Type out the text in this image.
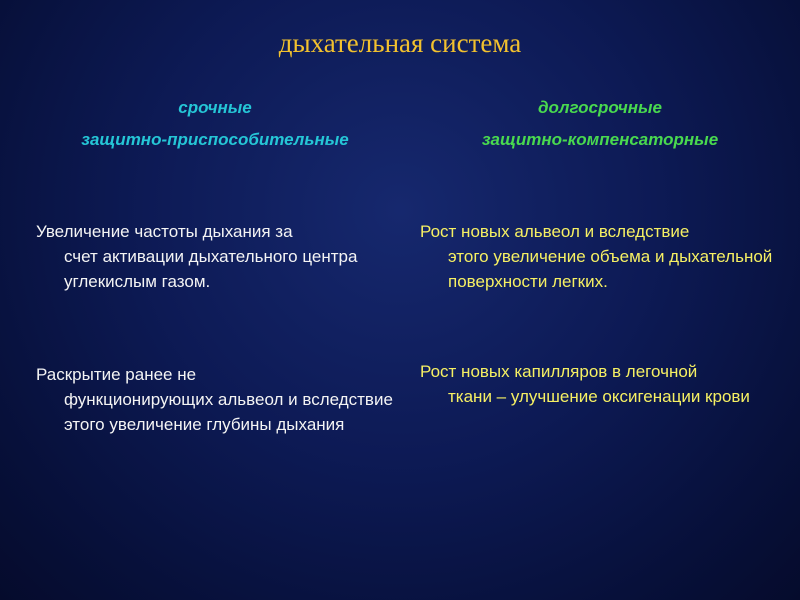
дыхательная система
срочные
защитно-приспособительные
долгосрочные
защитно-компенсаторные

Увеличение частоты дыхания за
счет активации дыхательного центра углекислым газом.

Раскрытие ранее не
функционирующих альвеол и вследствие этого увеличение глубины дыхания

Рост новых альвеол и вследствие
этого увеличение объема и дыхательной поверхности легких.

Рост новых капилляров в легочной
ткани – улучшение оксигенации крови
